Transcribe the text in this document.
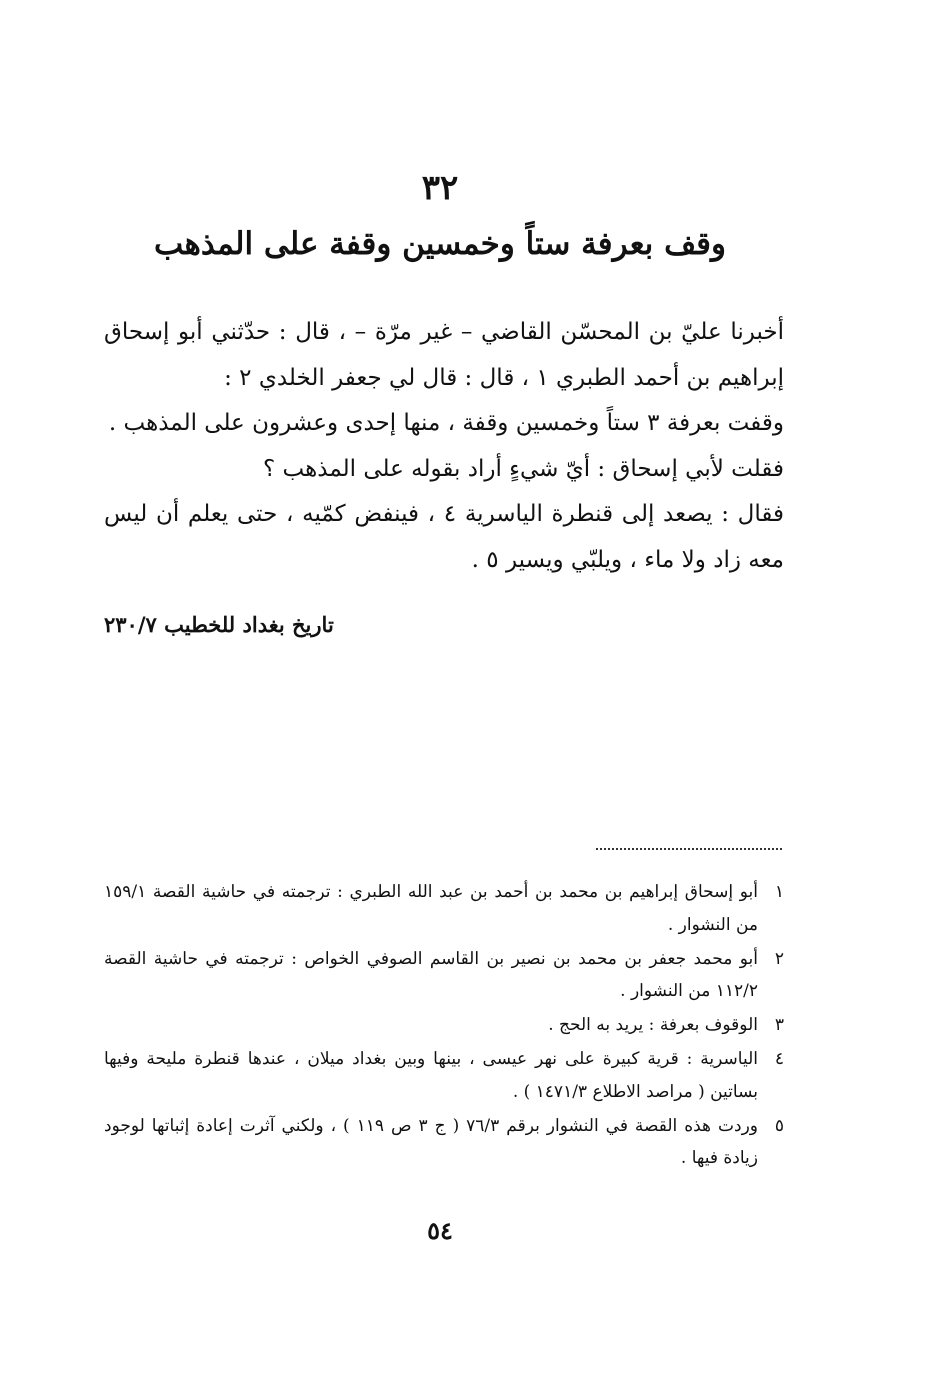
٣٢
وقف بعرفة ستاً وخمسين وقفة على المذهب

أخبرنا عليّ بن المحسّن القاضي – غير مرّة – ، قال : حدّثني أبو إسحاق إبراهيم بن أحمد الطبري ١ ، قال : قال لي جعفر الخلدي ٢ :

وقفت بعرفة ٣ ستاً وخمسين وقفة ، منها إحدى وعشرون على المذهب .

فقلت لأبي إسحاق : أيّ شيءٍ أراد بقوله على المذهب ؟

فقال : يصعد إلى قنطرة الياسرية ٤ ، فينفض كمّيه ، حتى يعلم أن ليس معه زاد ولا ماء ، ويلبّي ويسير ٥ .

تاريخ بغداد للخطيب ٢٣٠/٧
١
أبو إسحاق إبراهيم بن محمد بن أحمد بن عبد الله الطبري : ترجمته في حاشية القصة ١٥٩/١ من النشوار .
٢
أبو محمد جعفر بن محمد بن نصير بن القاسم الصوفي الخواص : ترجمته في حاشية القصة ١١٢/٢ من النشوار .
٣
الوقوف بعرفة : يريد به الحج .
٤
الياسرية : قرية كبيرة على نهر عيسى ، بينها وبين بغداد ميلان ، عندها قنطرة مليحة وفيها بساتين ( مراصد الاطلاع ١٤٧١/٣ ) .
٥
وردت هذه القصة في النشوار برقم ٧٦/٣ ( ج ٣ ص ١١٩ ) ، ولكني آثرت إعادة إثباتها لوجود زيادة فيها .
٥٤
